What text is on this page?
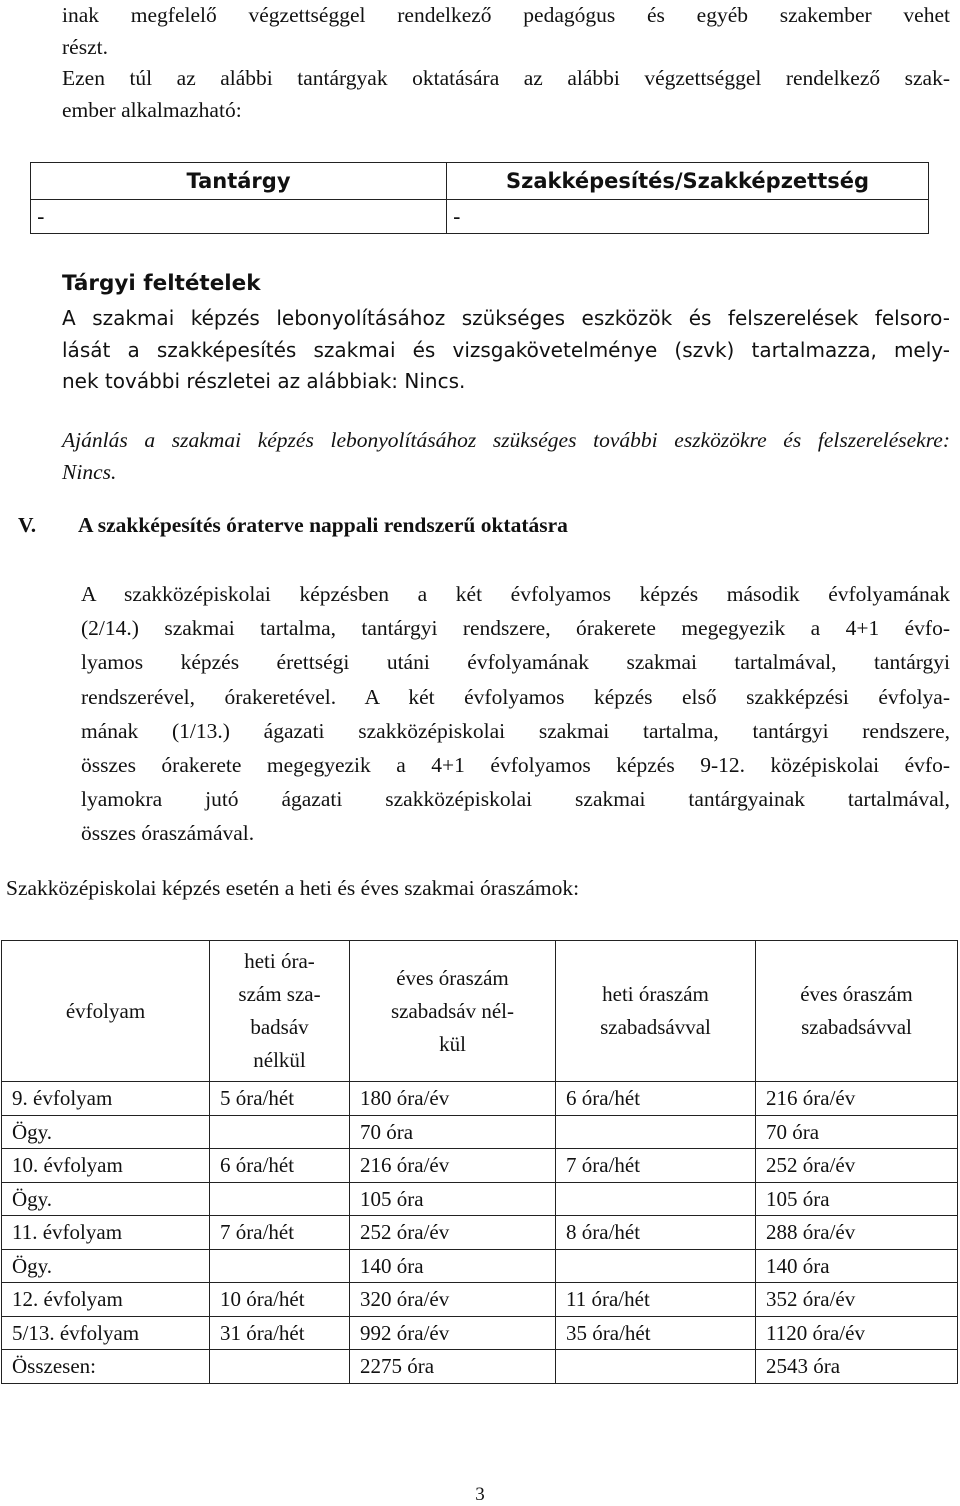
inak megfelelő végzettséggel rendelkező pedagógus és egyéb szakember vehet
részt.
Ezen túl az alábbi tantárgyak oktatására az alábbi végzettséggel rendelkező szak-
ember alkalmazható:
Tantárgy	Szakképesítés/Szakképzettség
-	-
Tárgyi feltételek
A szakmai képzés lebonyolításához szükséges eszközök és felszerelések felsoro-
lását a szakképesítés szakmai és vizsgakövetelménye (szvk) tartalmazza, mely-
nek további részletei az alábbiak: Nincs.
Ajánlás a szakmai képzés lebonyolításához szükséges további eszközökre és felszerelésekre:
Nincs.
V. A szakképesítés óraterve nappali rendszerű oktatásra
A szakközépiskolai képzésben a két évfolyamos képzés második évfolyamának
(2/14.) szakmai tartalma, tantárgyi rendszere, órakerete megegyezik a 4+1 évfo-
lyamos képzés érettségi utáni évfolyamának szakmai tartalmával, tantárgyi
rendszerével, órakeretével. A két évfolyamos képzés első szakképzési évfolya-
mának (1/13.) ágazati szakközépiskolai szakmai tartalma, tantárgyi rendszere,
összes órakerete megegyezik a 4+1 évfolyamos képzés 9-12. középiskolai évfo-
lyamokra jutó ágazati szakközépiskolai szakmai tantárgyainak tartalmával,
összes óraszámával.
Szakközépiskolai képzés esetén a heti és éves szakmai óraszámok:
évfolyam	heti óra-
szám sza-
badsáv
nélkül	éves óraszám
szabadsáv nél-
kül	heti óraszám
szabadsávval	éves óraszám
szabadsávval

9. évfolyam	5 óra/hét	180 óra/év	6 óra/hét	216 óra/év
Ögy.		70 óra		70 óra
10. évfolyam	6 óra/hét	216 óra/év	7 óra/hét	252 óra/év
Ögy.		105 óra		105 óra
11. évfolyam	7 óra/hét	252 óra/év	8 óra/hét	288 óra/év
Ögy.		140 óra		140 óra
12. évfolyam	10 óra/hét	320 óra/év	11 óra/hét	352 óra/év
5/13. évfolyam	31 óra/hét	992 óra/év	35 óra/hét	1120 óra/év
Összesen:		2275 óra		2543 óra
3
